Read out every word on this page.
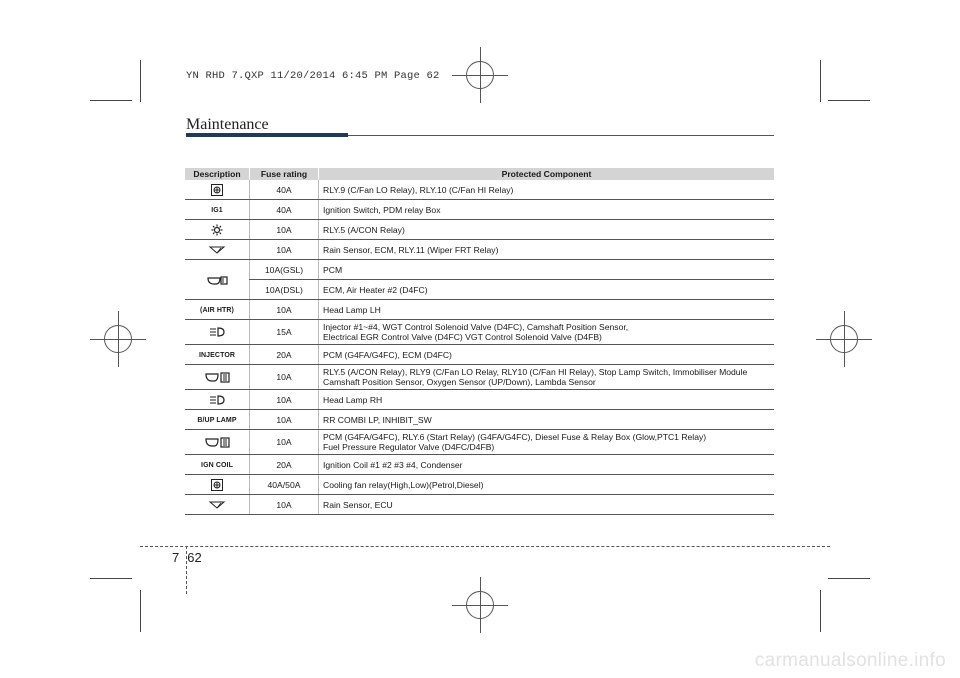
YN RHD 7.QXP 11/20/2014 6:45 PM Page 62
Maintenance
Description	Fuse rating	Protected Component
	40A	RLY.9 (C/Fan LO Relay), RLY.10 (C/Fan HI Relay)
IG1	40A	Ignition Switch, PDM relay Box
	10A	RLY.5 (A/CON Relay)
	10A	Rain Sensor, ECM, RLY.11 (Wiper FRT Relay)
	10A(GSL)	PCM
	10A(DSL)	ECM, Air Heater #2 (D4FC)
(AIR HTR)	10A	Head Lamp LH
	15A	Injector #1~#4, WGT Control Solenoid Valve (D4FC), Camshaft Position Sensor,
Electrical EGR Control Valve (D4FC) VGT Control Solenoid Valve (D4FB)

INJECTOR	20A	PCM (G4FA/G4FC), ECM (D4FC)
	10A	RLY.5 (A/CON Relay), RLY9 (C/Fan LO Relay, RLY10 (C/Fan HI Relay), Stop Lamp Switch, Immobiliser Module
Camshaft Position Sensor, Oxygen Sensor (UP/Down), Lambda Sensor

	10A	Head Lamp RH
B/UP LAMP	10A	RR COMBI LP, INHIBIT_SW
	10A	PCM (G4FA/G4FC), RLY.6 (Start Relay) (G4FA/G4FC), Diesel Fuse & Relay Box (Glow,PTC1 Relay)
Fuel Pressure Regulator Valve (D4FC/D4FB)

IGN COIL	20A	Ignition Coil #1 #2 #3 #4, Condenser
	40A/50A	Cooling fan relay(High,Low)(Petrol,Diesel)
	10A	Rain Sensor, ECU
7 62
carmanualsonline.info
